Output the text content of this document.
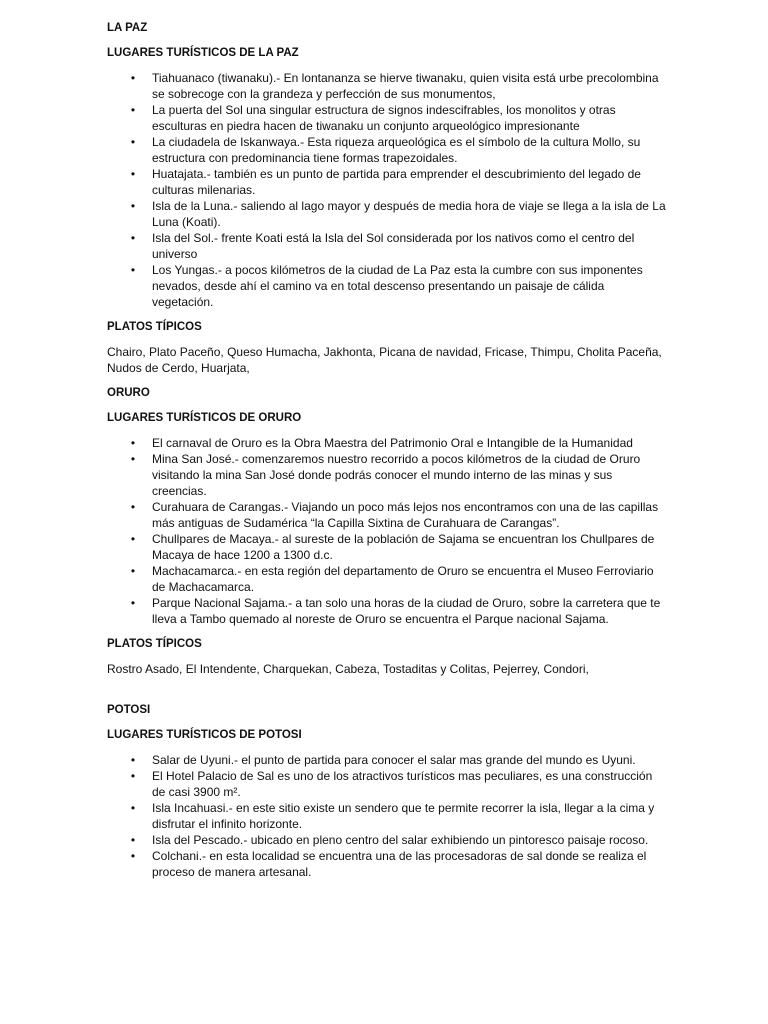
LA PAZ
LUGARES TURÍSTICOS DE LA PAZ
• Tiahuanaco (tiwanaku).- En lontananza se hierve tiwanaku, quien visita está urbe precolombina se sobrecoge con la grandeza y perfección de sus monumentos,
• La puerta del Sol una singular estructura de signos indescifrables, los monolitos y otras esculturas en piedra hacen de tiwanaku un conjunto arqueológico impresionante
• La ciudadela de Iskanwaya.- Esta riqueza arqueológica es el símbolo de la cultura Mollo, su estructura con predominancia tiene formas trapezoidales.
• Huatajata.- también es un punto de partida para emprender el descubrimiento del legado de culturas milenarias.
• Isla de la Luna.- saliendo al lago mayor y después de media hora de viaje se llega a la isla de La Luna (Koati).
• Isla del Sol.- frente Koati está la Isla del Sol considerada por los nativos como el centro del universo
• Los Yungas.- a pocos kilómetros de la ciudad de La Paz esta la cumbre con sus imponentes nevados, desde ahí el camino va en total descenso presentando un paisaje de cálida vegetación.
PLATOS TÍPICOS

Chairo, Plato Paceño, Queso Humacha, Jakhonta, Picana de navidad, Fricase, Thimpu, Cholita Paceña, Nudos de Cerdo, Huarjata,

ORURO
LUGARES TURÍSTICOS DE ORURO
• El carnaval de Oruro es la Obra Maestra del Patrimonio Oral e Intangible de la Humanidad
• Mina San José.- comenzaremos nuestro recorrido a pocos kilómetros de la ciudad de Oruro visitando la mina San José donde podrás conocer el mundo interno de las minas y sus creencias.
• Curahuara de Carangas.- Viajando un poco más lejos nos encontramos con una de las capillas más antiguas de Sudamérica “la Capilla Sixtina de Curahuara de Carangas”.
• Chullpares de Macaya.- al sureste de la población de Sajama se encuentran los Chullpares de Macaya de hace 1200 a 1300 d.c.
• Machacamarca.- en esta región del departamento de Oruro se encuentra el Museo Ferroviario de Machacamarca.
• Parque Nacional Sajama.- a tan solo una horas de la ciudad de Oruro, sobre la carretera que te lleva a Tambo quemado al noreste de Oruro se encuentra el Parque nacional Sajama.
PLATOS TÍPICOS

Rostro Asado, El Intendente, Charquekan, Cabeza, Tostaditas y Colitas, Pejerrey, Condori,

POTOSI
LUGARES TURÍSTICOS DE POTOSI
• Salar de Uyuni.- el punto de partida para conocer el salar mas grande del mundo es Uyuni.
• El Hotel Palacio de Sal es uno de los atractivos turísticos mas peculiares, es una construcción de casi 3900 m².
• Isla Incahuasi.- en este sitio existe un sendero que te permite recorrer la isla, llegar a la cima y disfrutar el infinito horizonte.
• Isla del Pescado.- ubicado en pleno centro del salar exhibiendo un pintoresco paisaje rocoso.
• Colchani.- en esta localidad se encuentra una de las procesadoras de sal donde se realiza el proceso de manera artesanal.
